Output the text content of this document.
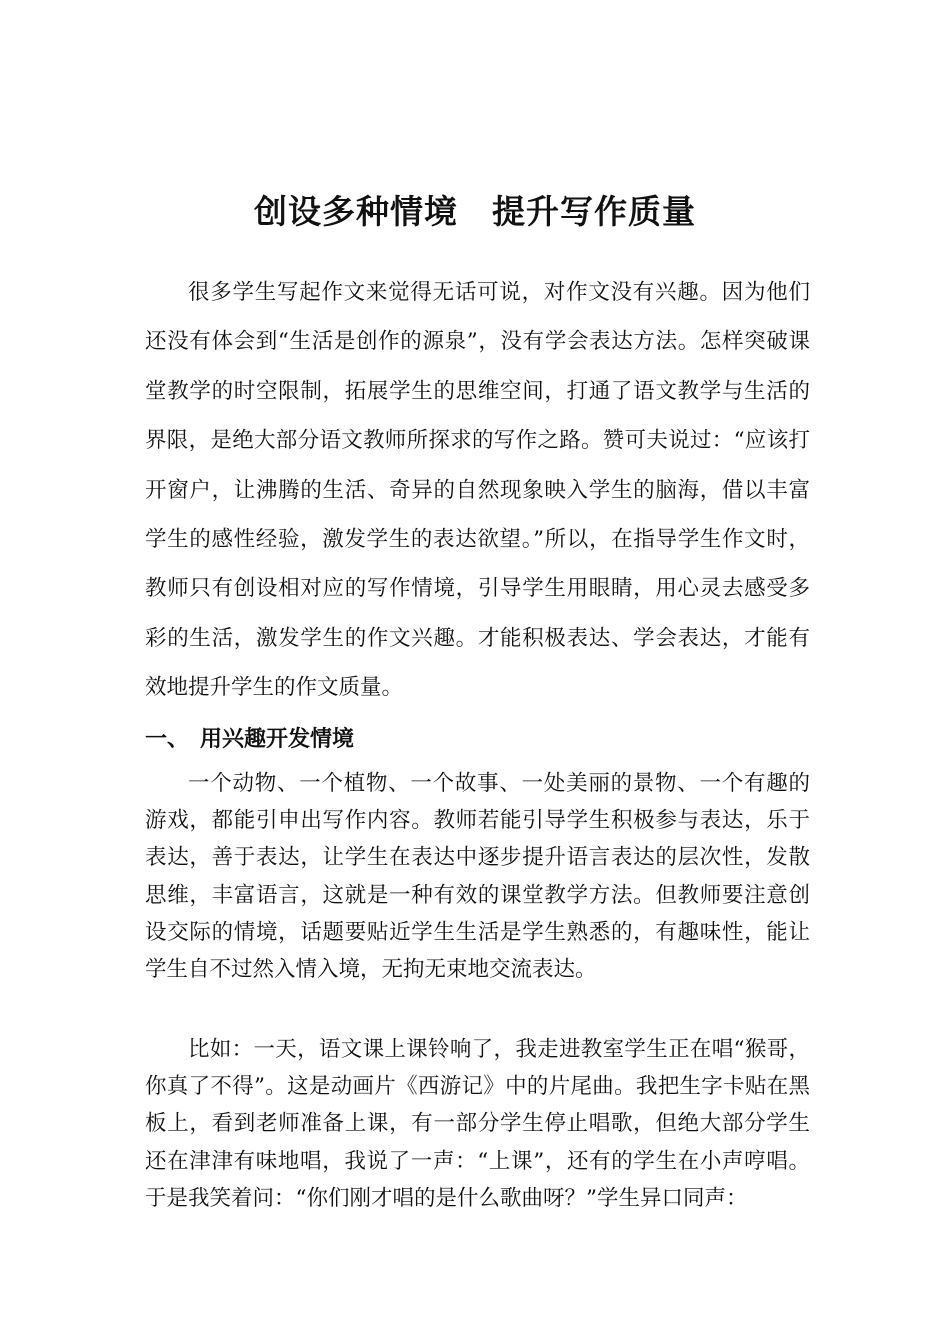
创设多种情境　提升写作质量

很多学生写起作文来觉得无话可说，对作文没有兴趣。因为他们还没有体会到“生活是创作的源泉”，没有学会表达方法。怎样突破课堂教学的时空限制，拓展学生的思维空间，打通了语文教学与生活的界限，是绝大部分语文教师所探求的写作之路。赞可夫说过：“应该打开窗户，让沸腾的生活、奇异的自然现象映入学生的脑海，借以丰富学生的感性经验，激发学生的表达欲望。”所以，在指导学生作文时，教师只有创设相对应的写作情境，引导学生用眼睛，用心灵去感受多彩的生活，激发学生的作文兴趣。才能积极表达、学会表达，才能有效地提升学生的作文质量。

一、　用兴趣开发情境

一个动物、一个植物、一个故事、一处美丽的景物、一个有趣的游戏，都能引申出写作内容。教师若能引导学生积极参与表达，乐于表达，善于表达，让学生在表达中逐步提升语言表达的层次性，发散思维，丰富语言，这就是一种有效的课堂教学方法。但教师要注意创设交际的情境，话题要贴近学生生活是学生熟悉的，有趣味性，能让学生自不过然入情入境，无拘无束地交流表达。

比如：一天，语文课上课铃响了，我走进教室学生正在唱“猴哥，你真了不得”。这是动画片《西游记》中的片尾曲。我把生字卡贴在黑板上，看到老师准备上课，有一部分学生停止唱歌，但绝大部分学生还在津津有味地唱，我说了一声：“上课”，还有的学生在小声哼唱。于是我笑着问：“你们刚才唱的是什么歌曲呀？”学生异口同声：
